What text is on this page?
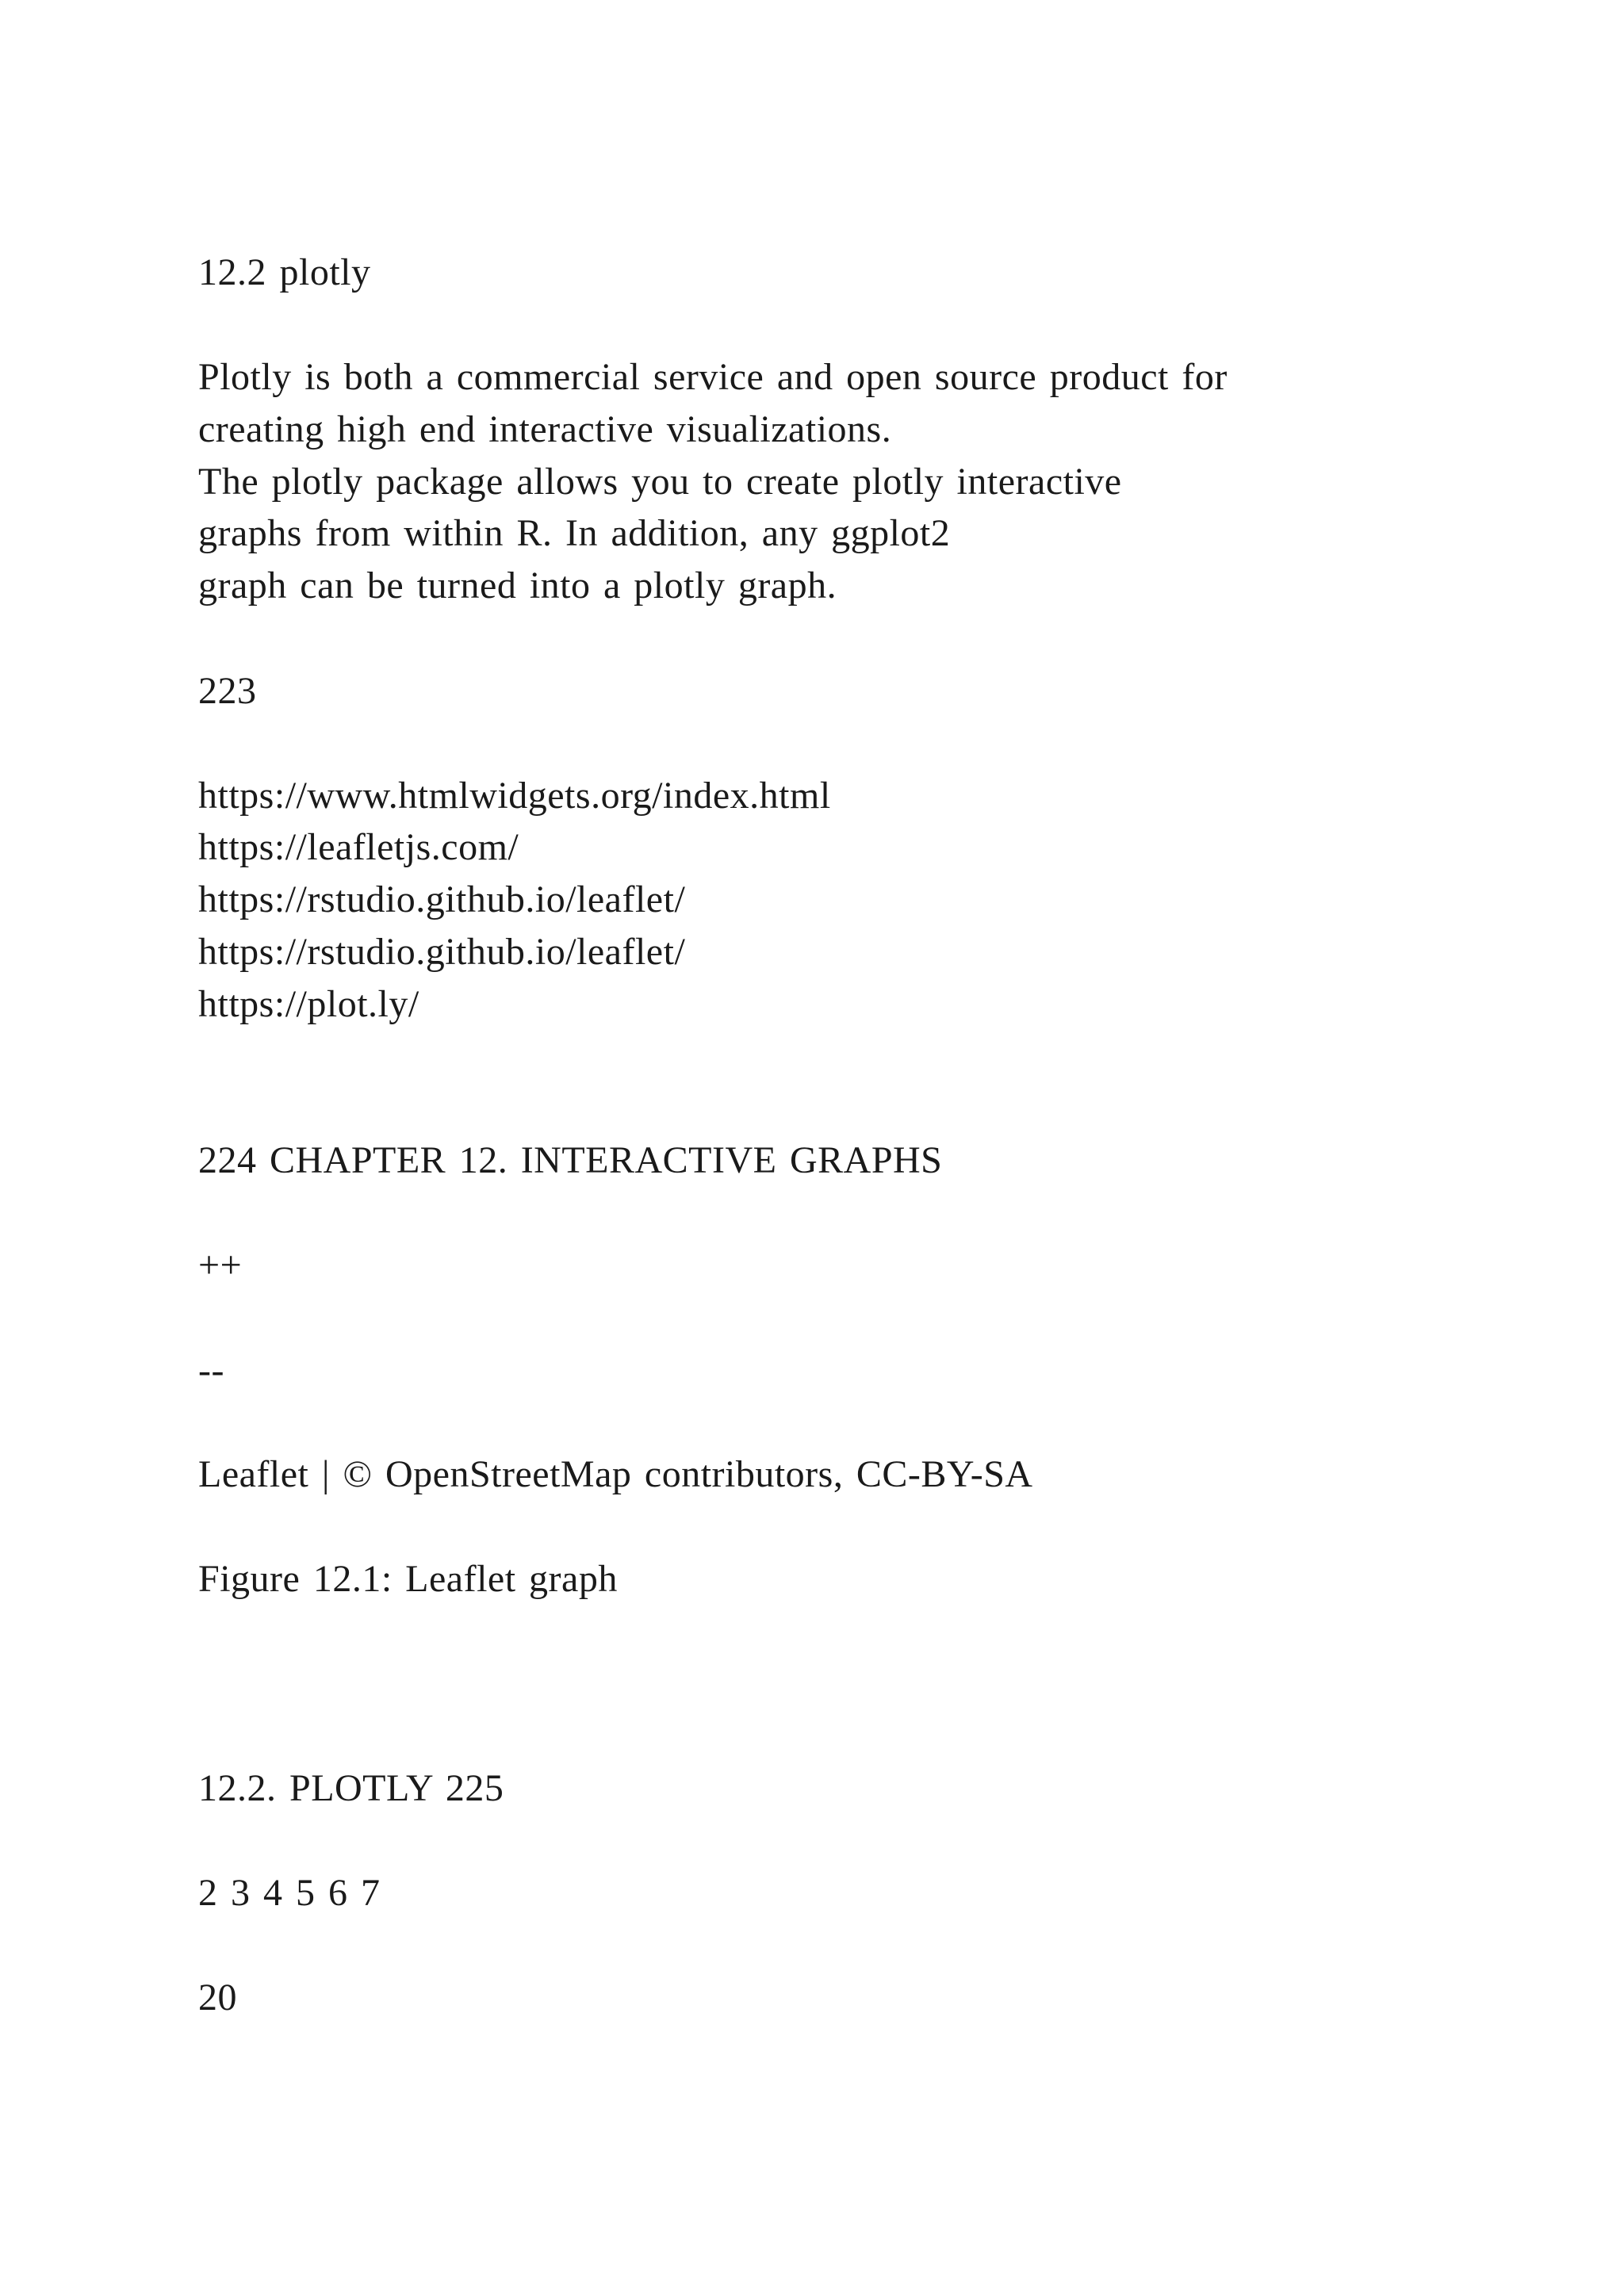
12.2 plotly

Plotly is both a commercial service and open source product for

creating high end interactive visualizations.

The plotly package allows you to create plotly interactive

graphs from within R. In addition, any ggplot2

graph can be turned into a plotly graph.

223

https://www.htmlwidgets.org/index.html

https://leafletjs.com/

https://rstudio.github.io/leaflet/

https://rstudio.github.io/leaflet/

https://plot.ly/

224 CHAPTER 12. INTERACTIVE GRAPHS

++

--

Leaflet | © OpenStreetMap contributors, CC-BY-SA

Figure 12.1: Leaflet graph

12.2. PLOTLY 225

2 3 4 5 6 7

20
